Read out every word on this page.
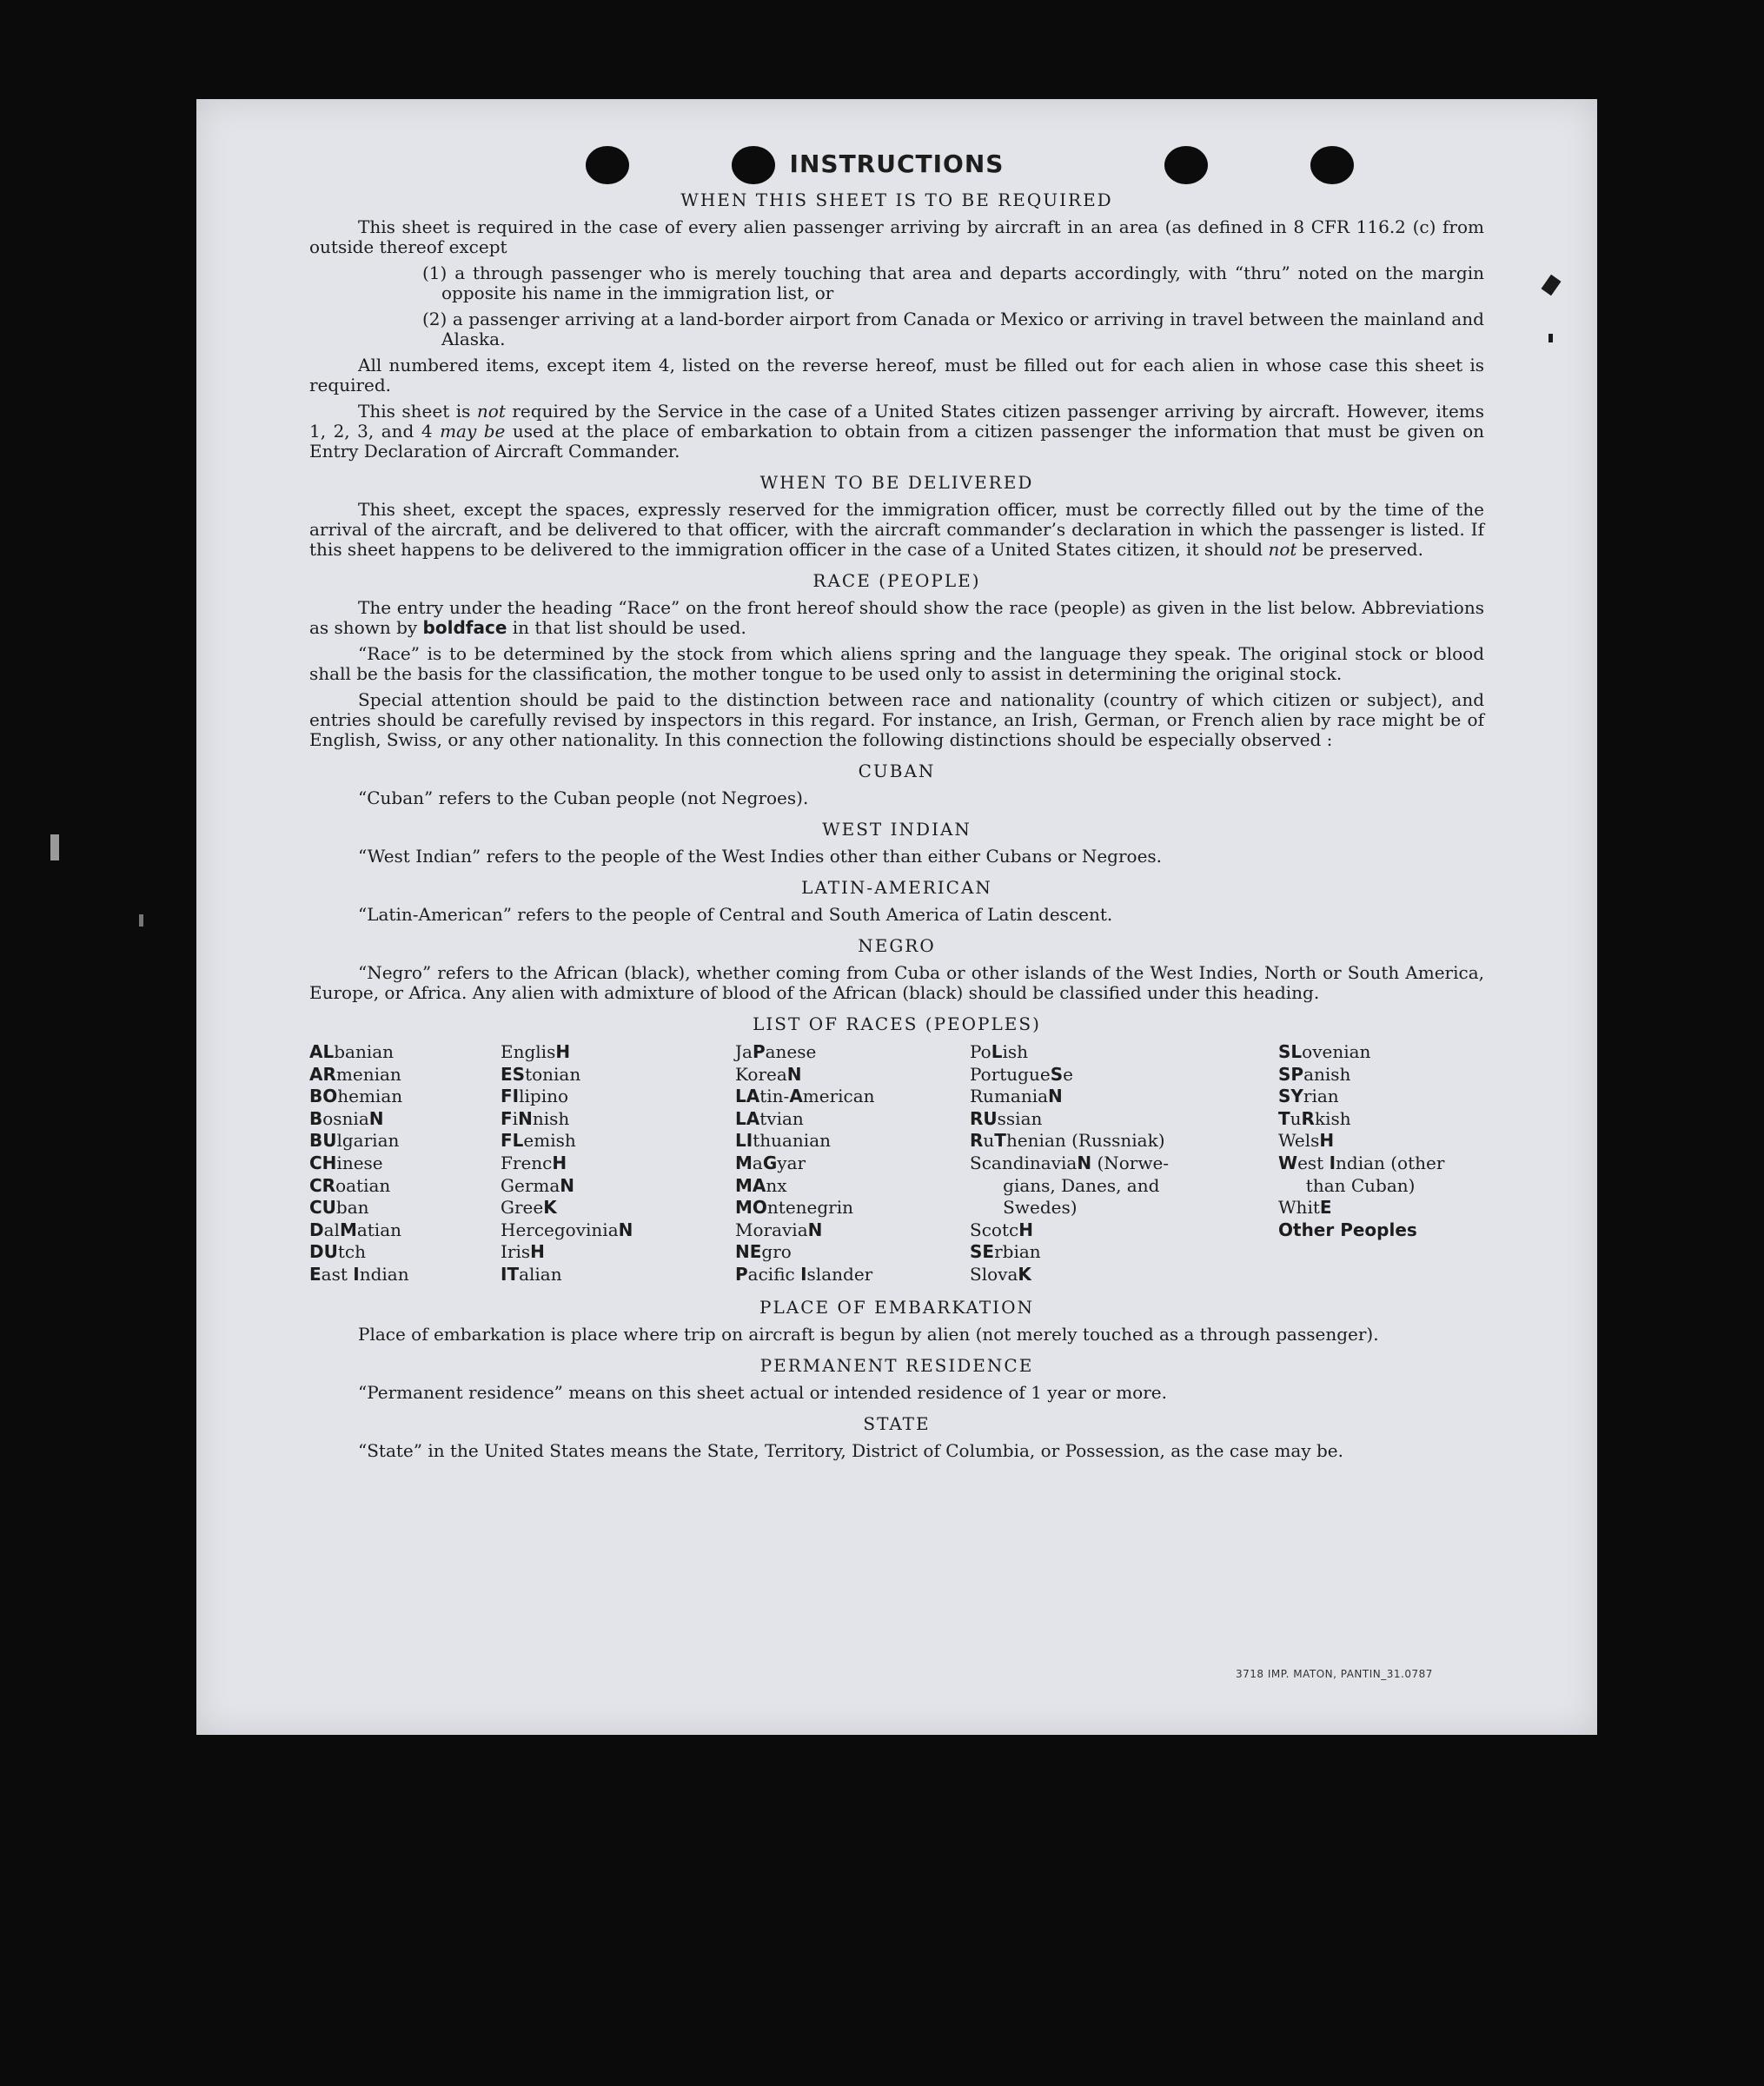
INSTRUCTIONS
WHEN THIS SHEET IS TO BE REQUIRED

This sheet is required in the case of every alien passenger arriving by aircraft in an area (as defined in 8 CFR 116.2 (c) from outside thereof except

(1) a through passenger who is merely touching that area and departs accordingly, with “thru” noted on the margin opposite his name in the immigration list, or
(2) a passenger arriving at a land-border airport from Canada or Mexico or arriving in travel between the mainland and Alaska.

All numbered items, except item 4, listed on the reverse hereof, must be filled out for each alien in whose case this sheet is required.

This sheet is not required by the Service in the case of a United States citizen passenger arriving by aircraft. However, items 1, 2, 3, and 4 may be used at the place of embarkation to obtain from a citizen passenger the information that must be given on Entry Declaration of Aircraft Commander.

WHEN TO BE DELIVERED

This sheet, except the spaces, expressly reserved for the immigration officer, must be correctly filled out by the time of the arrival of the aircraft, and be delivered to that officer, with the aircraft commander’s declaration in which the passenger is listed. If this sheet happens to be delivered to the immigration officer in the case of a United States citizen, it should not be preserved.

RACE (PEOPLE)

The entry under the heading “Race” on the front hereof should show the race (people) as given in the list below. Abbreviations as shown by boldface in that list should be used.

“Race” is to be determined by the stock from which aliens spring and the language they speak. The original stock or blood shall be the basis for the classification, the mother tongue to be used only to assist in determining the original stock.

Special attention should be paid to the distinction between race and nationality (country of which citizen or subject), and entries should be carefully revised by inspectors in this regard. For instance, an Irish, German, or French alien by race might be of English, Swiss, or any other nationality. In this connection the following distinctions should be especially observed :

CUBAN

“Cuban” refers to the Cuban people (not Negroes).

WEST INDIAN

“West Indian” refers to the people of the West Indies other than either Cubans or Negroes.

LATIN-AMERICAN

“Latin-American” refers to the people of Central and South America of Latin descent.

NEGRO

“Negro” refers to the African (black), whether coming from Cuba or other islands of the West Indies, North or South America, Europe, or Africa. Any alien with admixture of blood of the African (black) should be classified under this heading.

LIST OF RACES (PEOPLES)
ALbanian
ARmenian
BOhemian
BosniaN
BUlgarian
CHinese
CRoatian
CUban
DalMatian
DUtch
East Indian
EnglisH
EStonian
FIlipino
FiNnish
FLemish
FrencH
GermaN
GreeK
HercegoviniaN
IrisH
ITalian
JaPanese
KoreaN
LAtin-American
LAtvian
LIthuanian
MaGyar
MAnx
MOntenegrin
MoraviaN
NEgro
Pacific Islander
PoLish
PortugueSe
RumaniaN
RUssian
RuThenian (Russniak)
ScandinaviaN (Norwe-
gians, Danes, and
Swedes)
ScotcH
SErbian
SlovaK
SLovenian
SPanish
SYrian
TuRkish
WelsH
West Indian (other
than Cuban)
WhitE
Other Peoples
PLACE OF EMBARKATION

Place of embarkation is place where trip on aircraft is begun by alien (not merely touched as a through passenger).

PERMANENT RESIDENCE

“Permanent residence” means on this sheet actual or intended residence of 1 year or more.

STATE

“State” in the United States means the State, Territory, District of Columbia, or Possession, as the case may be.

3718 IMP. MATON, PANTIN_31.0787
